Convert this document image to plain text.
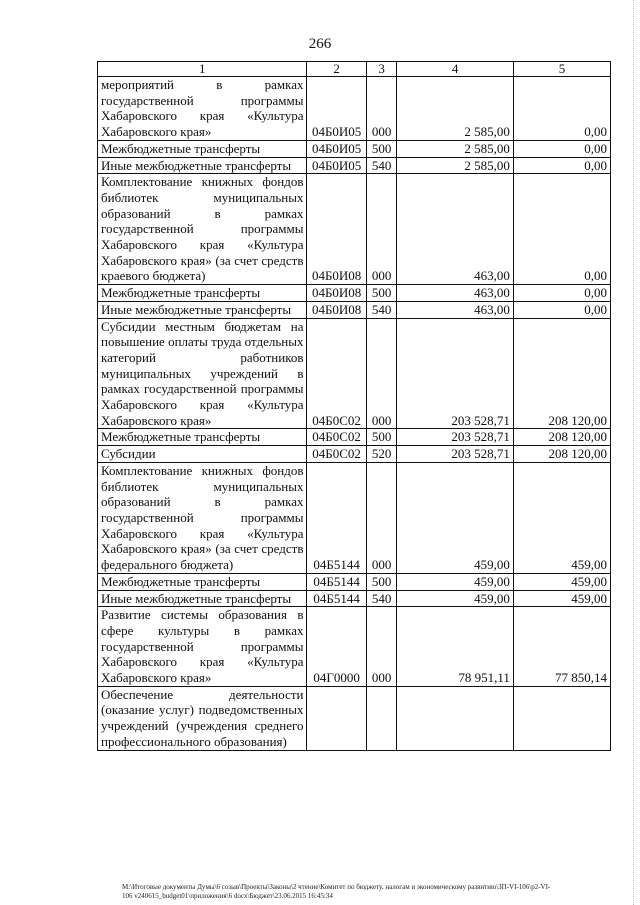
266
1	2	3	4	5
мероприятий в рамках государственной программы Хабаровского края «Культура Хабаровского края»	04Б0И05	000	2 585,00	0,00
Межбюджетные трансферты	04Б0И05	500	2 585,00	0,00
Иные межбюджетные трансферты	04Б0И05	540	2 585,00	0,00
Комплектование книжных фондов библиотек муниципальных образований в рамках государственной программы Хабаровского края «Культура Хабаровского края» (за счет средств краевого бюджета)	04Б0И08	000	463,00	0,00
Межбюджетные трансферты	04Б0И08	500	463,00	0,00
Иные межбюджетные трансферты	04Б0И08	540	463,00	0,00
Субсидии местным бюджетам на повышение оплаты труда отдельных категорий работников муниципальных учреждений в рамках государственной программы Хабаровского края «Культура Хабаровского края»	04Б0С02	000	203 528,71	208 120,00
Межбюджетные трансферты	04Б0С02	500	203 528,71	208 120,00
Субсидии	04Б0С02	520	203 528,71	208 120,00
Комплектование книжных фондов библиотек муниципальных образований в рамках государственной программы Хабаровского края «Культура Хабаровского края» (за счет средств федерального бюджета)	04Б5144	000	459,00	459,00
Межбюджетные трансферты	04Б5144	500	459,00	459,00
Иные межбюджетные трансферты	04Б5144	540	459,00	459,00
Развитие системы образования в сфере культуры в рамках государственной программы Хабаровского края «Культура Хабаровского края»	04Г0000	000	78 951,11	77 850,14
Обеспечение деятельности (оказание услуг) подведомственных учреждений (учреждения среднего профессионального образования)				
M:\Итоговые документы Думы\6 созыв\Проекты\Законы\2 чтение\Комитет по бюджету, налогам и экономическому развитию\ЗП-VI-106\p2-VI-
106 v240615_budget01\приложения\6 docx\Бюджет\23.06.2015 16:45:34
